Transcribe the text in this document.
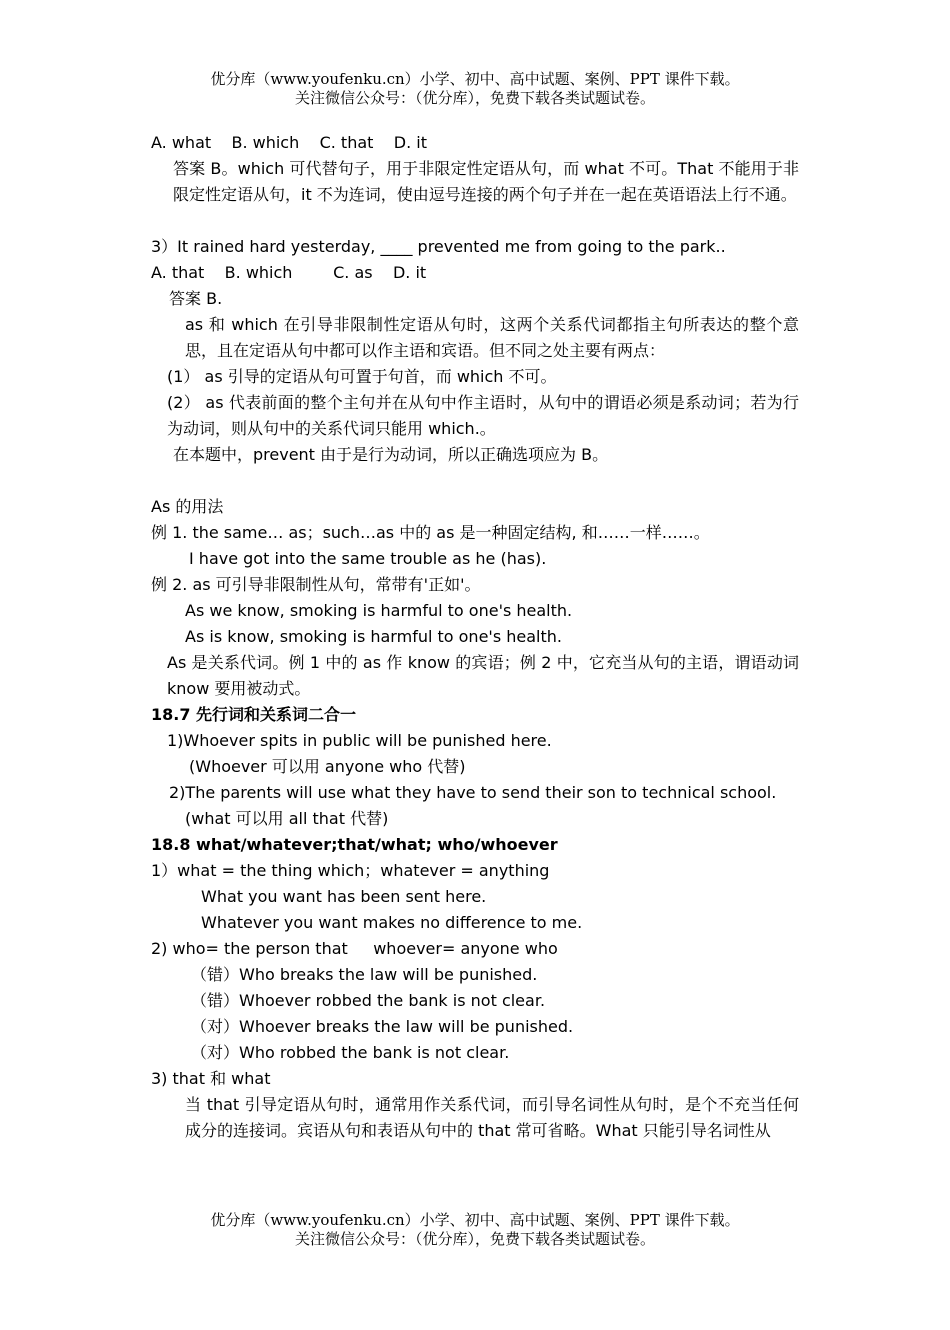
优分库（www.youfenku.cn）小学、初中、高中试题、案例、PPT 课件下载。
关注微信公众号：（优分库），免费下载各类试题试卷。
A. what    B. which    C. that    D. it
答案 B。which 可代替句子，用于非限定性定语从句，而 what 不可。That 不能用于非限定性定语从句，it 不为连词，使由逗号连接的两个句子并在一起在英语语法上行不通。
3）It rained hard yesterday, ____ prevented me from going to the park..
A. that    B. which        C. as    D. it
答案 B.
as 和 which 在引导非限制性定语从句时，这两个关系代词都指主句所表达的整个意思，且在定语从句中都可以作主语和宾语。但不同之处主要有两点：
(1） as 引导的定语从句可置于句首，而 which 不可。
(2） as 代表前面的整个主句并在从句中作主语时，从句中的谓语必须是系动词；若为行为动词，则从句中的关系代词只能用 which.。
在本题中，prevent 由于是行为动词，所以正确选项应为 B。
As 的用法
例 1. the same… as；such…as 中的 as 是一种固定结构, 和……一样……。
I have got into the same trouble as he (has).
例 2. as 可引导非限制性从句，常带有'正如'。
As we know, smoking is harmful to one's health.
As is know, smoking is harmful to one's health.
As 是关系代词。例 1 中的 as 作 know 的宾语；例 2 中，它充当从句的主语，谓语动词 know 要用被动式。
18.7 先行词和关系词二合一
1)Whoever spits in public will be punished here.
(Whoever 可以用 anyone who 代替)
2)The parents will use what they have to send their son to technical school.
(what 可以用 all that 代替)
18.8 what/whatever;that/what; who/whoever
1）what = the thing which；whatever = anything
What you want has been sent here.
Whatever you want makes no difference to me.
2) who= the person that     whoever= anyone who
（错）Who breaks the law will be punished.
（错）Whoever robbed the bank is not clear.
（对）Whoever breaks the law will be punished.
（对）Who robbed the bank is not clear.
3) that 和 what
当 that 引导定语从句时，通常用作关系代词，而引导名词性从句时，是个不充当任何成分的连接词。宾语从句和表语从句中的 that 常可省略。What 只能引导名词性从
优分库（www.youfenku.cn）小学、初中、高中试题、案例、PPT 课件下载。
关注微信公众号：（优分库），免费下载各类试题试卷。
